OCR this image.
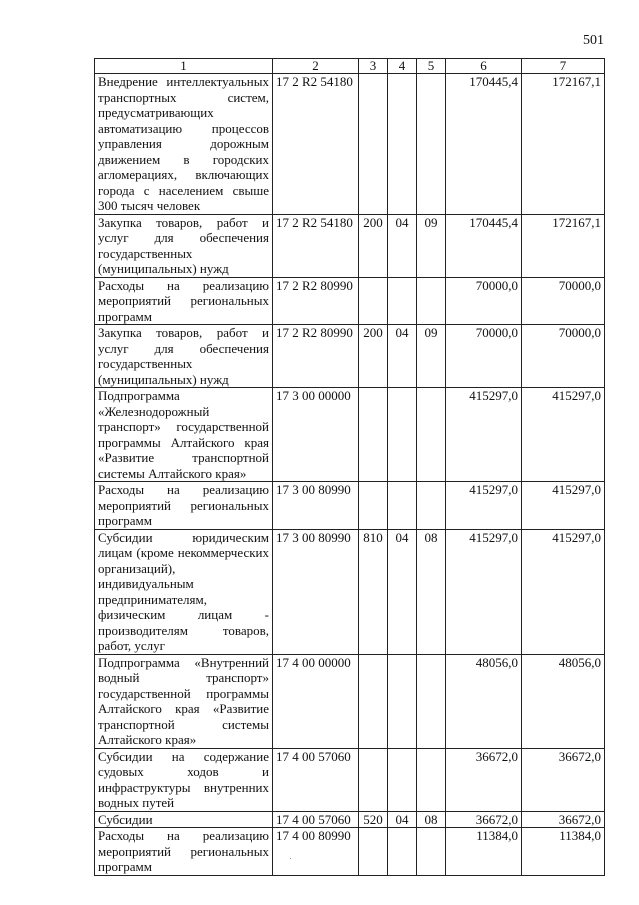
501
1	2	3	4	5	6	7
Внедрение интеллектуальных транспортных систем, предусматривающих автоматизацию процессов управления дорожным движением в городских агломерациях, включающих города с населением свыше 300 тысяч человек	17 2 R2 54180				170445,4	172167,1
Закупка товаров, работ и услуг для обеспечения государственных (муниципальных) нужд	17 2 R2 54180	200	04	09	170445,4	172167,1
Расходы на реализацию мероприятий региональных программ	17 2 R2 80990				70000,0	70000,0
Закупка товаров, работ и услуг для обеспечения государственных (муниципальных) нужд	17 2 R2 80990	200	04	09	70000,0	70000,0
Подпрограмма «Железнодорожный транспорт» государственной программы Алтайского края «Развитие транспортной системы Алтайского края»	17 3 00 00000				415297,0	415297,0
Расходы на реализацию мероприятий региональных программ	17 3 00 80990				415297,0	415297,0
Субсидии юридическим лицам (кроме некоммерческих организаций), индивидуальным предпринимателям, физическим лицам - производителям товаров, работ, услуг	17 3 00 80990	810	04	08	415297,0	415297,0
Подпрограмма «Внутренний водный транспорт» государственной программы Алтайского края «Развитие транспортной системы Алтайского края»	17 4 00 00000				48056,0	48056,0
Субсидии на содержание судовых ходов и инфраструктуры внутренних водных путей	17 4 00 57060				36672,0	36672,0
Субсидии	17 4 00 57060	520	04	08	36672,0	36672,0
Расходы на реализацию мероприятий региональных программ	17 4 00 80990				11384,0	11384,0
